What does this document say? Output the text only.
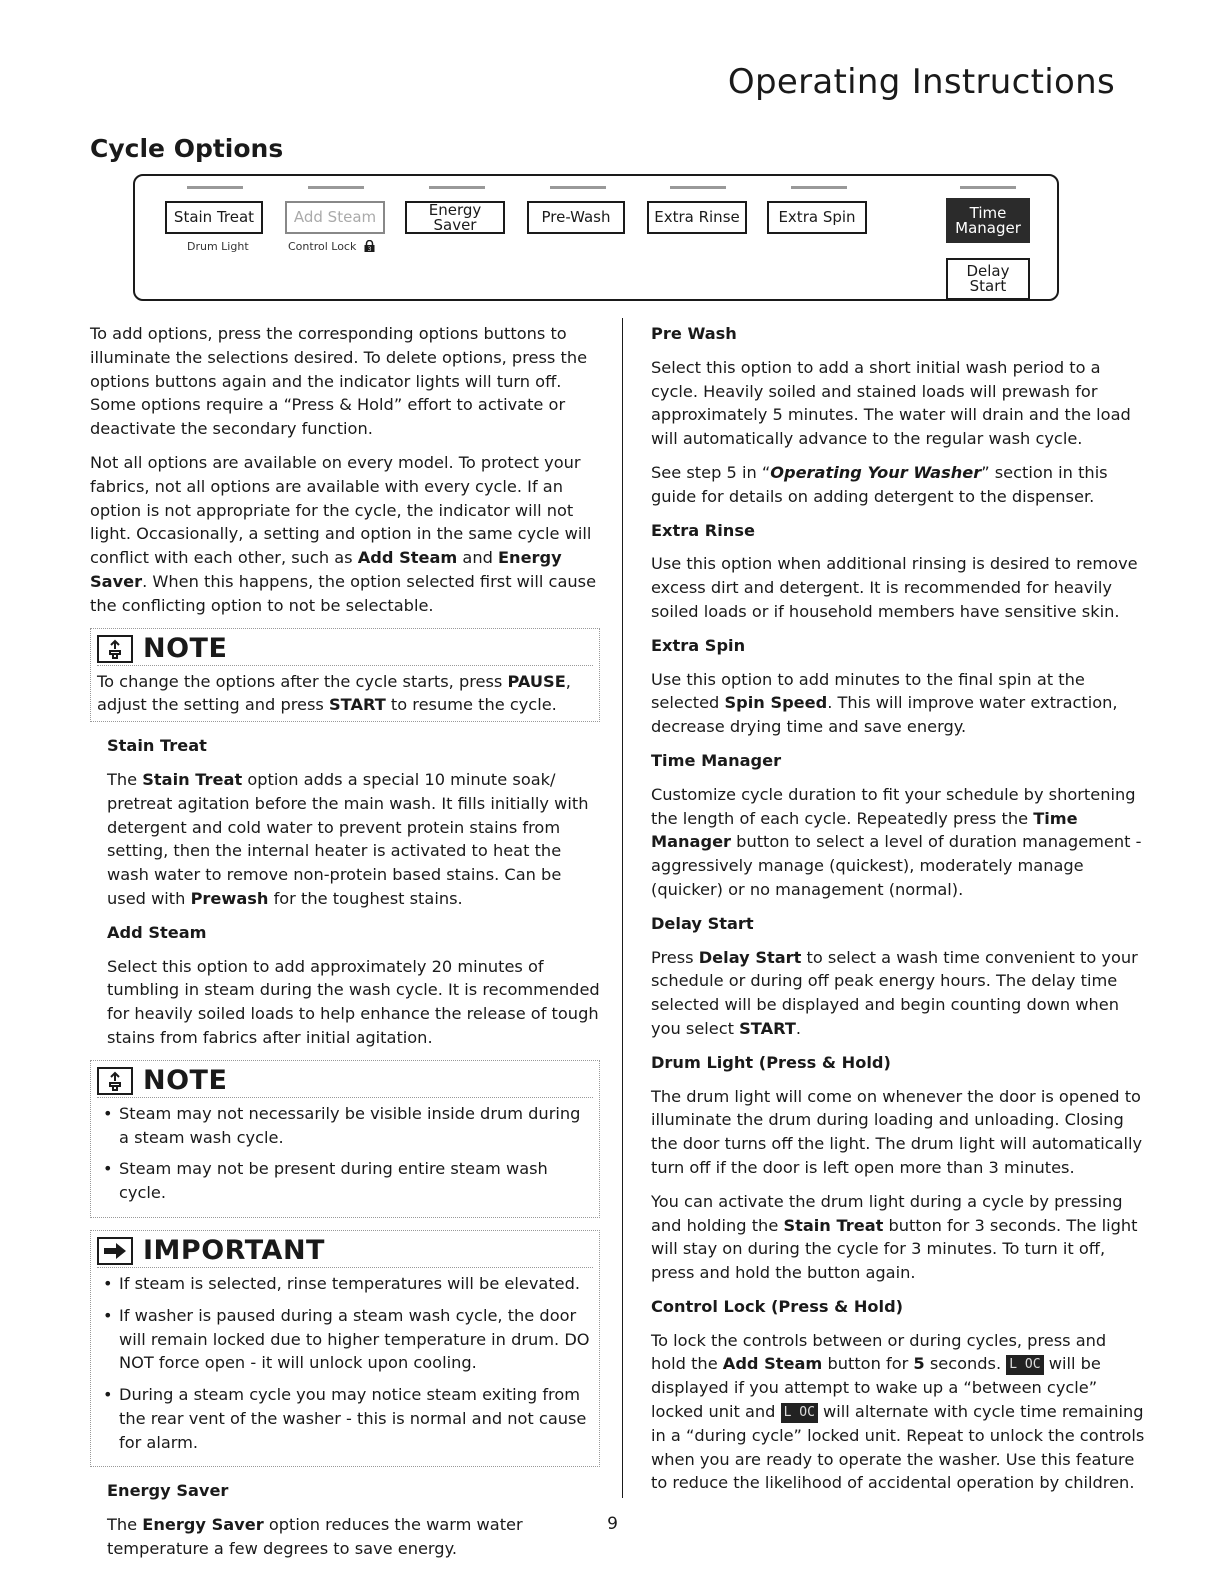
Operating Instructions
Cycle Options
Stain Treat
Drum Light
Add Steam
Control Lock 3
Energy
Saver	Pre-Wash	Extra Rinse	Extra Spin	Time
Manager
Delay
Start

To add options, press the corresponding options buttons to illuminate the selections desired. To delete options, press the options buttons again and the indicator lights will turn off. Some options require a “Press & Hold” effort to activate or deactivate the secondary function.

Not all options are available on every model. To protect your fabrics, not all options are available with every cycle. If an option is not appropriate for the cycle, the indicator will not light. Occasionally, a setting and option in the same cycle will conflict with each other, such as Add Steam and Energy Saver. When this happens, the option selected first will cause the conflicting option to not be selectable.

NOTE
To change the options after the cycle starts, press PAUSE, adjust the setting and press START to resume the cycle.

Stain Treat

The Stain Treat option adds a special 10 minute soak/ pretreat agitation before the main wash. It fills initially with detergent and cold water to prevent protein stains from setting, then the internal heater is activated to heat the wash water to remove non-protein based stains. Can be used with Prewash for the toughest stains.

Add Steam

Select this option to add approximately 20 minutes of tumbling in steam during the wash cycle. It is recommended for heavily soiled loads to help enhance the release of tough stains from fabrics after initial agitation.

NOTE
• Steam may not necessarily be visible inside drum during a steam wash cycle.
• Steam may not be present during entire steam wash cycle.
IMPORTANT
• If steam is selected, rinse temperatures will be elevated.
• If washer is paused during a steam wash cycle, the door will remain locked due to higher temperature in drum. DO NOT force open - it will unlock upon cooling.
• During a steam cycle you may notice steam exiting from the rear vent of the washer - this is normal and not cause for alarm.

Energy Saver

The Energy Saver option reduces the warm water temperature a few degrees to save energy.

Pre Wash

Select this option to add a short initial wash period to a cycle. Heavily soiled and stained loads will prewash for approximately 5 minutes. The water will drain and the load will automatically advance to the regular wash cycle.

See step 5 in “Operating Your Washer” section in this guide for details on adding detergent to the dispenser.

Extra Rinse

Use this option when additional rinsing is desired to remove excess dirt and detergent. It is recommended for heavily soiled loads or if household members have sensitive skin.

Extra Spin

Use this option to add minutes to the final spin at the selected Spin Speed. This will improve water extraction, decrease drying time and save energy.

Time Manager

Customize cycle duration to fit your schedule by shortening the length of each cycle. Repeatedly press the Time Manager button to select a level of duration management - aggressively manage (quickest), moderately manage (quicker) or no management (normal).

Delay Start

Press Delay Start to select a wash time convenient to your schedule or during off peak energy hours. The delay time selected will be displayed and begin counting down when you select START.

Drum Light (Press & Hold)

The drum light will come on whenever the door is opened to illuminate the drum during loading and unloading. Closing the door turns off the light. The drum light will automatically turn off if the door is left open more than 3 minutes.

You can activate the drum light during a cycle by pressing and holding the Stain Treat button for 3 seconds. The light will stay on during the cycle for 3 minutes. To turn it off, press and hold the button again.

Control Lock (Press & Hold)

To lock the controls between or during cycles, press and hold the Add Steam button for 5 seconds. L OC will be displayed if you attempt to wake up a “between cycle” locked unit and L OC will alternate with cycle time remaining in a “during cycle” locked unit. Repeat to unlock the controls when you are ready to operate the washer. Use this feature to reduce the likelihood of accidental operation by children.

9
